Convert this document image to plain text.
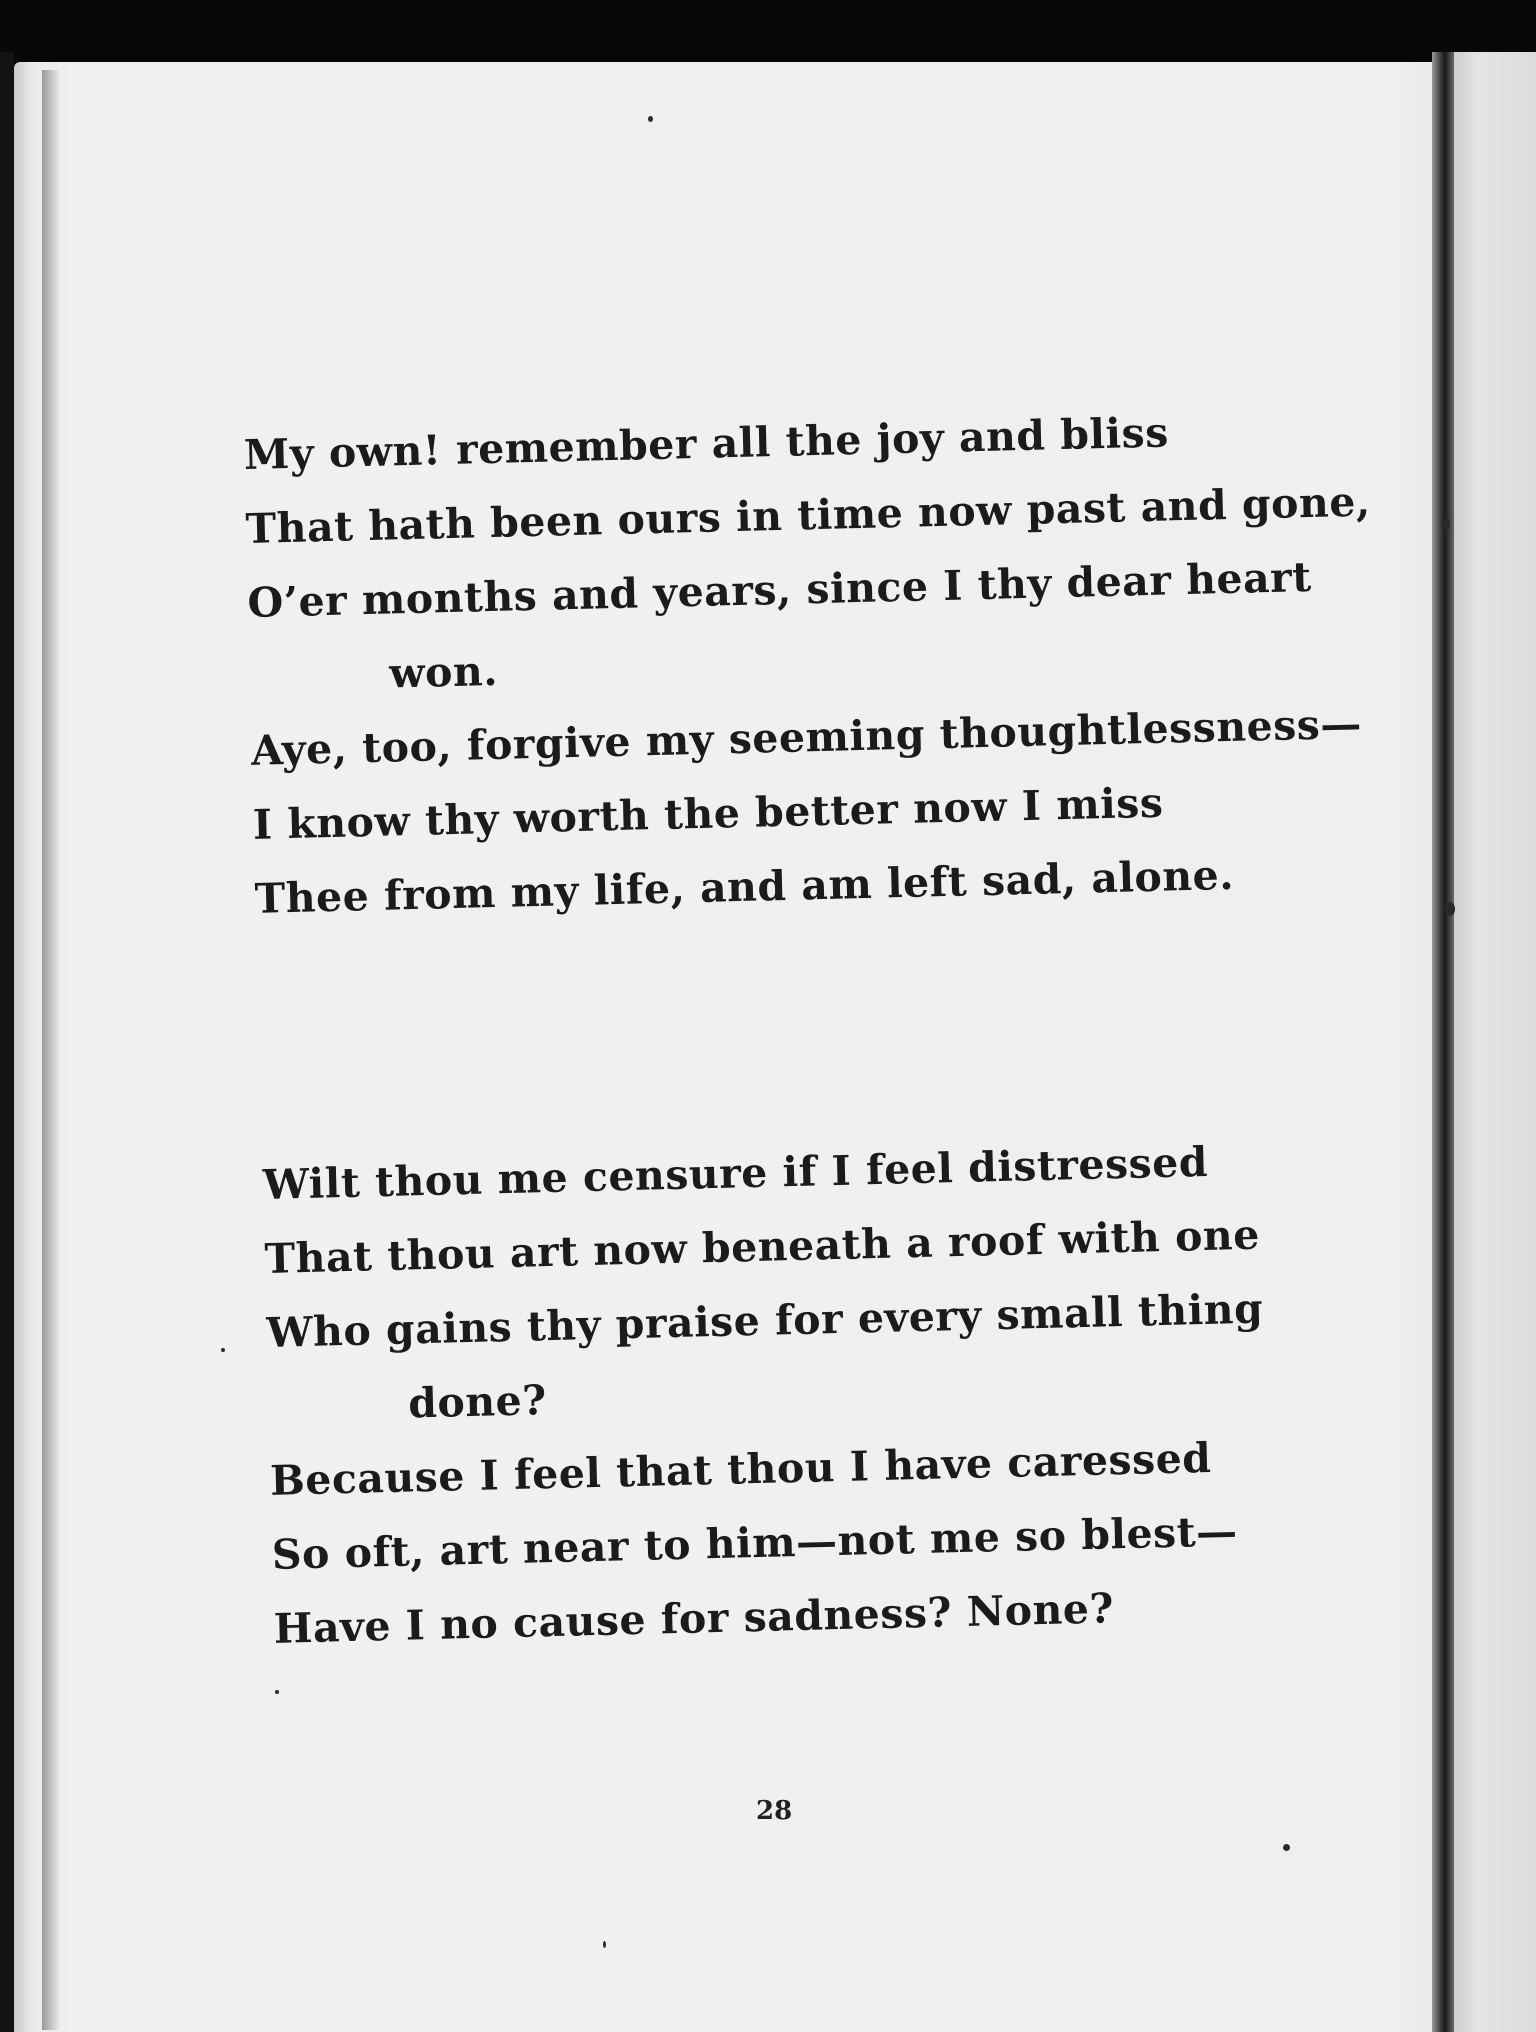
My own! remember all the joy and bliss
That hath been ours in time now past and gone,
O’er months and years, since I thy dear heart
won.
Aye, too, forgive my seeming thoughtlessness—
I know thy worth the better now I miss
Thee from my life, and am left sad, alone.
Wilt thou me censure if I feel distressed
That thou art now beneath a roof with one
Who gains thy praise for every small thing
done?
Because I feel that thou I have caressed
So oft, art near to him—not me so blest—
Have I no cause for sadness? None?
28
